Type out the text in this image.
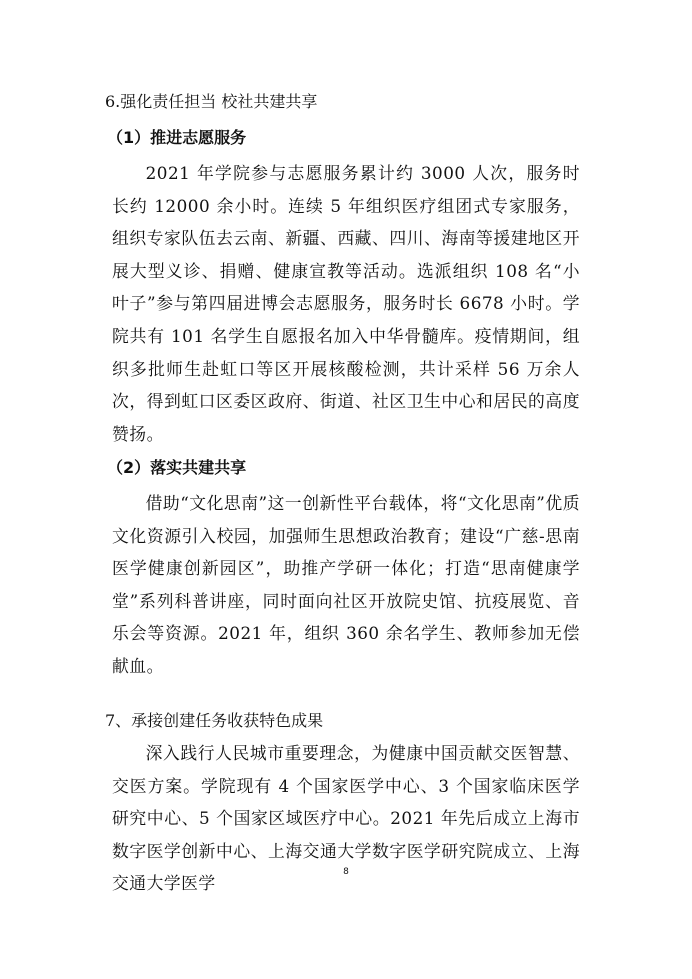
6.强化责任担当 校社共建共享
（1）推进志愿服务

2021 年学院参与志愿服务累计约 3000 人次，服务时长约 12000 余小时。连续 5 年组织医疗组团式专家服务，组织专家队伍去云南、新疆、西藏、四川、海南等援建地区开展大型义诊、捐赠、健康宣教等活动。选派组织 108 名“小叶子”参与第四届进博会志愿服务，服务时长 6678 小时。学院共有 101 名学生自愿报名加入中华骨髓库。疫情期间，组织多批师生赴虹口等区开展核酸检测，共计采样 56 万余人次，得到虹口区委区政府、街道、社区卫生中心和居民的高度赞扬。

（2）落实共建共享

借助“文化思南”这一创新性平台载体，将“文化思南”优质文化资源引入校园，加强师生思想政治教育；建设“广慈-思南医学健康创新园区”，助推产学研一体化；打造“思南健康学堂”系列科普讲座，同时面向社区开放院史馆、抗疫展览、音乐会等资源。2021 年，组织 360 余名学生、教师参加无偿献血。

7、承接创建任务收获特色成果

深入践行人民城市重要理念，为健康中国贡献交医智慧、交医方案。学院现有 4 个国家医学中心、3 个国家临床医学研究中心、5 个国家区域医疗中心。2021 年先后成立上海市数字医学创新中心、上海交通大学数字医学研究院成立、上海交通大学医学

8
